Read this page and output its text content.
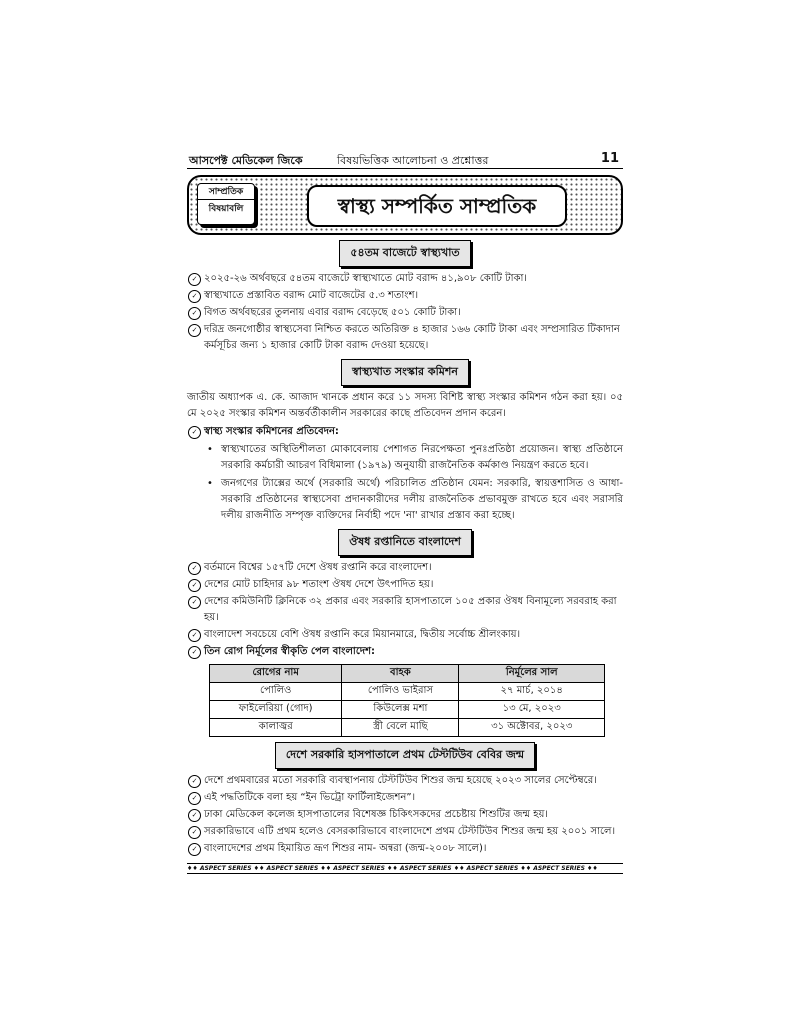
আসপেক্ট মেডিকেল জিকে	বিষয়ভিত্তিক আলোচনা ও প্রশ্নোত্তর	11
সাম্প্রতিক
বিষয়াবলি	স্বাস্থ্য সম্পর্কিত সাম্প্রতিক
৫৪তম বাজেটে স্বাস্থ্যখাত
✓ ২০২৫-২৬ অর্থবছরে ৫৪তম বাজেটে স্বাস্থ্যখাতে মোট বরাদ্দ ৪১,৯০৮ কোটি টাকা।
✓ স্বাস্থ্যখাতে প্রস্তাবিত বরাদ্দ মোট বাজেটের ৫.৩ শতাংশ।
✓ বিগত অর্থবছরের তুলনায় এবার বরাদ্দ বেড়েছে ৫০১ কোটি টাকা।
✓ দরিদ্র জনগোষ্ঠীর স্বাস্থ্যসেবা নিশ্চিত করতে অতিরিক্ত ৪ হাজার ১৬৬ কোটি টাকা এবং সম্প্রসারিত টিকাদান কর্মসূচির জন্য ১ হাজার কোটি টাকা বরাদ্দ দেওয়া হয়েছে।
স্বাস্থ্যখাত সংস্কার কমিশন
জাতীয় অধ্যাপক এ. কে. আজাদ খানকে প্রধান করে ১১ সদস্য বিশিষ্ট স্বাস্থ্য সংস্কার কমিশন গঠন করা হয়। ০৫ মে ২০২৫ সংস্কার কমিশন অন্তর্বর্তীকালীন সরকারের কাছে প্রতিবেদন প্রদান করেন।
✓ স্বাস্থ্য সংস্কার কমিশনের প্রতিবেদন:
• স্বাস্থ্যখাতের অস্থিতিশীলতা মোকাবেলায় পেশাগত নিরপেক্ষতা পুনঃপ্রতিষ্ঠা প্রয়োজন। স্বাস্থ্য প্রতিষ্ঠানে সরকারি কর্মচারী আচরণ বিধিমালা (১৯৭৯) অনুযায়ী রাজনৈতিক কর্মকাণ্ড নিয়ন্ত্রণ করতে হবে।
• জনগণের ট্যাক্সের অর্থে (সরকারি অর্থে) পরিচালিত প্রতিষ্ঠান যেমন: সরকারি, স্বায়ত্তশাসিত ও আধা-সরকারি প্রতিষ্ঠানের স্বাস্থ্যসেবা প্রদানকারীদের দলীয় রাজনৈতিক প্রভাবমুক্ত রাখতে হবে এবং সরাসরি দলীয় রাজনীতি সম্পৃক্ত ব্যক্তিদের নির্বাহী পদে 'না' রাখার প্রস্তাব করা হচ্ছে।
ঔষধ রপ্তানিতে বাংলাদেশ
✓ বর্তমানে বিশ্বের ১৫৭টি দেশে ঔষধ রপ্তানি করে বাংলাদেশ।
✓ দেশের মোট চাহিদার ৯৮ শতাংশ ঔষধ দেশে উৎপাদিত হয়।
✓ দেশের কমিউনিটি ক্লিনিকে ৩২ প্রকার এবং সরকারি হাসপাতালে ১০৫ প্রকার ঔষধ বিনামূল্যে সরবরাহ করা হয়।
✓ বাংলাদেশ সবচেয়ে বেশি ঔষধ রপ্তানি করে মিয়ানমারে, দ্বিতীয় সর্বোচ্চ শ্রীলংকায়।
✓ তিন রোগ নির্মূলের স্বীকৃতি পেল বাংলাদেশ:
রোগের নাম	বাহক	নির্মূলের সাল
পোলিও	পোলিও ভাইরাস	২৭ মার্চ, ২০১৪
ফাইলেরিয়া (গোদ)	কিউলেক্স মশা	১৩ মে, ২০২৩
কালাজ্বর	স্ত্রী বেলে মাছি	৩১ অক্টোবর, ২০২৩
দেশে সরকারি হাসপাতালে প্রথম টেস্টটিউব বেবির জন্ম
✓ দেশে প্রথমবারের মতো সরকারি ব্যবস্থাপনায় টেস্টটিউব শিশুর জন্ম হয়েছে ২০২৩ সালের সেপ্টেম্বরে।
✓ এই পদ্ধতিটিকে বলা হয় “ইন ভিট্রো ফার্টিলাইজেশন”।
✓ ঢাকা মেডিকেল কলেজ হাসপাতালের বিশেষজ্ঞ চিকিৎসকদের প্রচেষ্টায় শিশুটির জন্ম হয়।
✓ সরকারিভাবে এটি প্রথম হলেও বেসরকারিভাবে বাংলাদেশে প্রথম টেস্টটিউব শিশুর জন্ম হয় ২০০১ সালে।
✓ বাংলাদেশের প্রথম হিমায়িত ভ্রূণ শিশুর নাম- অন্বরা (জন্ম-২০০৮ সালে)।
♦♦ ASPECT SERIES ♦♦ ASPECT SERIES ♦♦ ASPECT SERIES ♦♦ ASPECT SERIES ♦♦ ASPECT SERIES ♦♦ ASPECT SERIES ♦♦
